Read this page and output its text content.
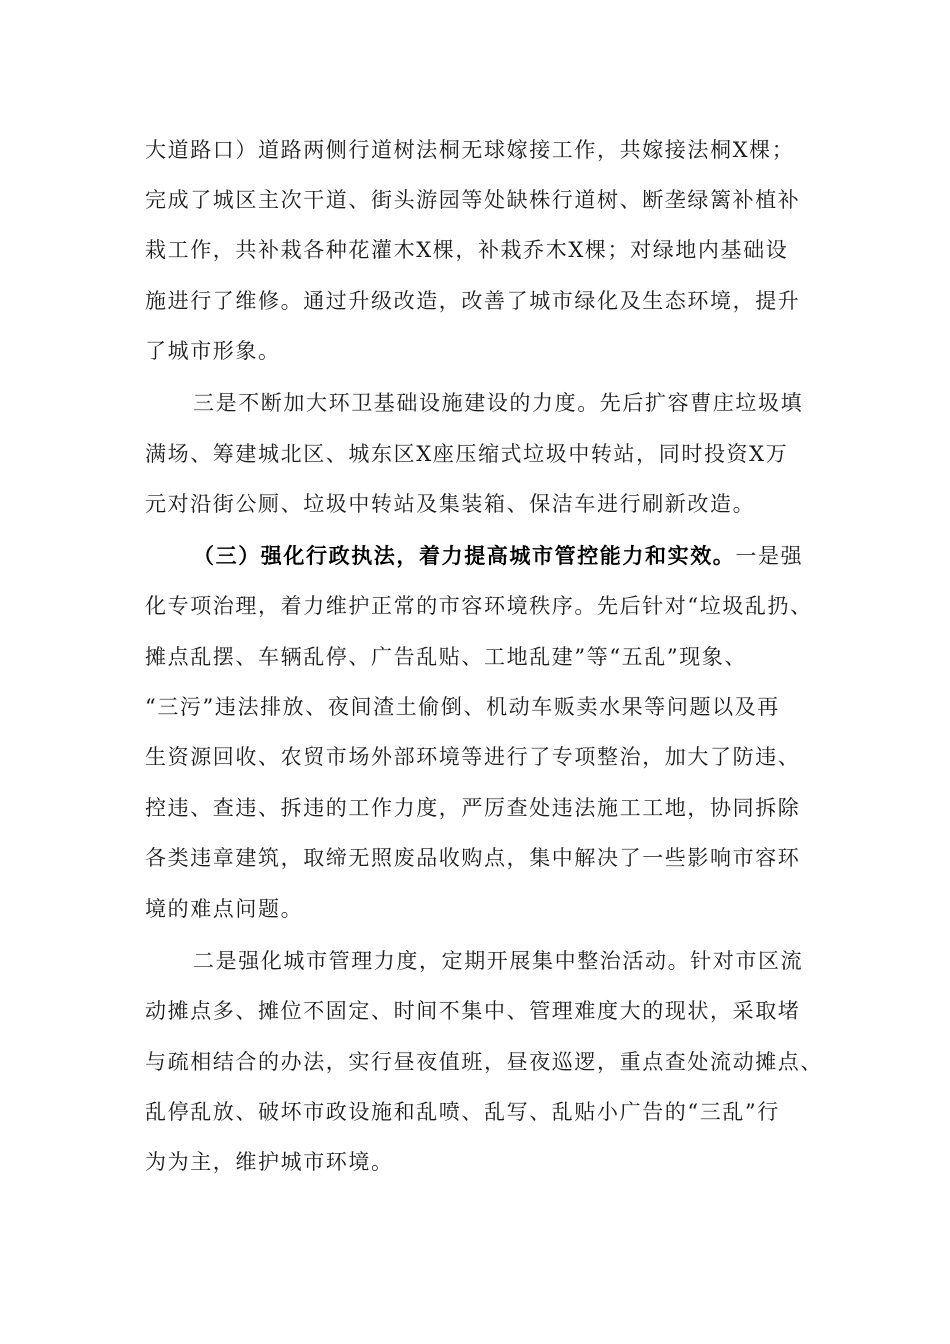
大道路口）道路两侧行道树法桐无球嫁接工作，共嫁接法桐X棵；
完成了城区主次干道、街头游园等处缺株行道树、断垄绿篱补植补
栽工作，共补栽各种花灌木X棵，补栽乔木X棵；对绿地内基础设
施进行了维修。通过升级改造，改善了城市绿化及生态环境，提升
了城市形象。
三是不断加大环卫基础设施建设的力度。先后扩容曹庄垃圾填
满场、筹建城北区、城东区X座压缩式垃圾中转站，同时投资X万
元对沿街公厕、垃圾中转站及集装箱、保洁车进行刷新改造。
（三）强化行政执法，着力提高城市管控能力和实效。一是强
化专项治理，着力维护正常的市容环境秩序。先后针对“垃圾乱扔、
摊点乱摆、车辆乱停、广告乱贴、工地乱建”等“五乱”现象、
“三污”违法排放、夜间渣土偷倒、机动车贩卖水果等问题以及再
生资源回收、农贸市场外部环境等进行了专项整治，加大了防违、
控违、查违、拆违的工作力度，严厉查处违法施工工地，协同拆除
各类违章建筑，取缔无照废品收购点，集中解决了一些影响市容环
境的难点问题。
二是强化城市管理力度，定期开展集中整治活动。针对市区流
动摊点多、摊位不固定、时间不集中、管理难度大的现状，采取堵
与疏相结合的办法，实行昼夜值班，昼夜巡逻，重点查处流动摊点、
乱停乱放、破坏市政设施和乱喷、乱写、乱贴小广告的“三乱”行
为为主，维护城市环境。
